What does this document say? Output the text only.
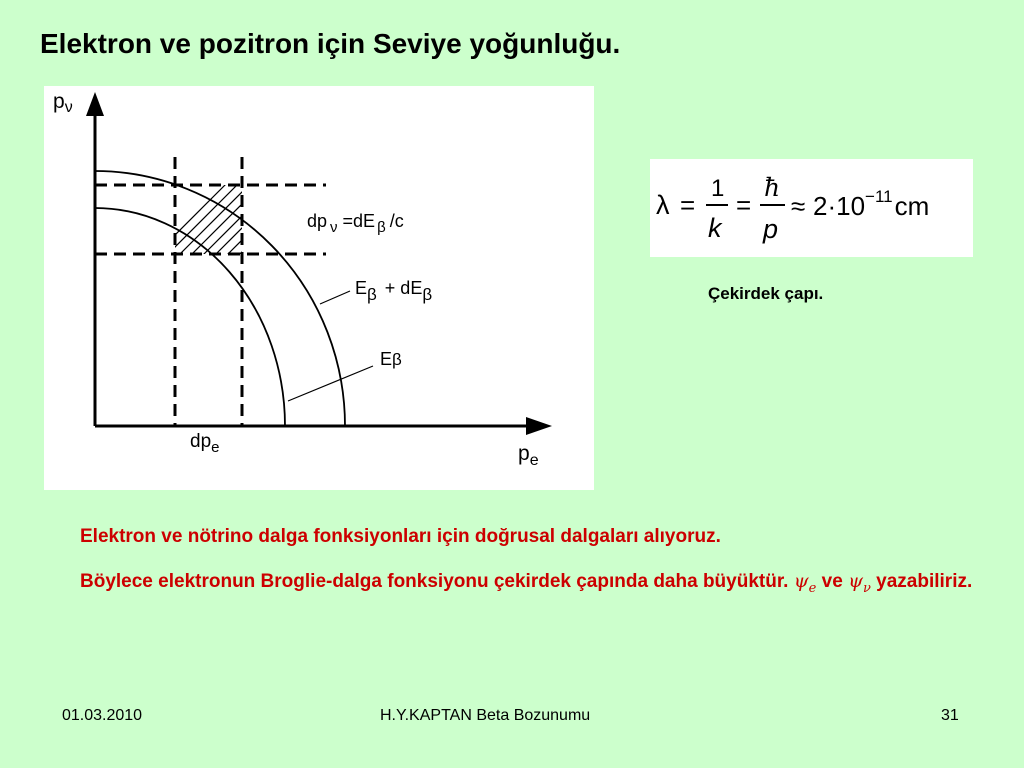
Elektron ve pozitron için Seviye yoğunluğu.
pν
$p_e$
$dp_e$
dp $_\nu$ =dE $_\beta$ /c
Eβ + dEβ
Eβ
λ =
1
k
=
ħ
p
≈ $2\cdot 10^{-11}cm$
Çekirdek çapı.
Elektron ve nötrino dalga fonksiyonları için doğrusal dalgaları alıyoruz.
Böylece elektronun Broglie-dalga fonksiyonu çekirdek çapında daha büyüktür. $\psi_e$ ve $\psi_\nu$ yazabiliriz.
01.03.2010	H.Y.KAPTAN Beta Bozunumu	31
